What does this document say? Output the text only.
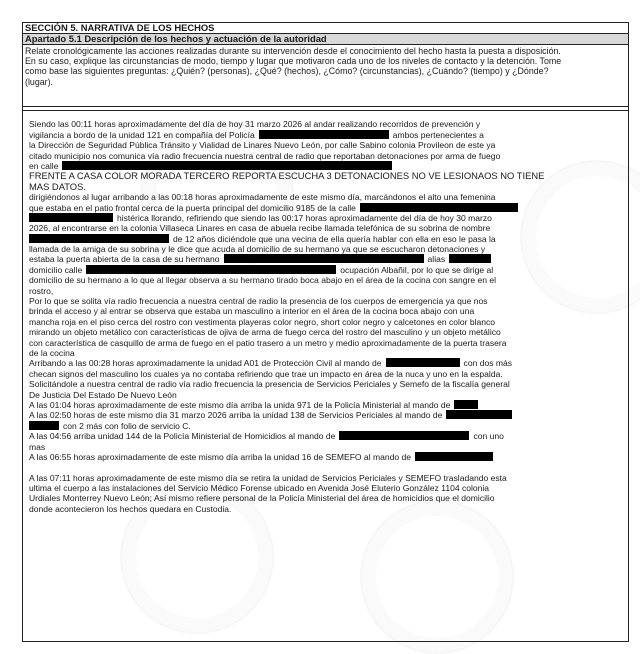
SECCIÓN 5. NARRATIVA DE LOS HECHOS
Apartado 5.1 Descripción de los hechos y actuación de la autoridad
Relate cronológicamente las acciones realizadas durante su intervención desde el conocimiento del hecho hasta la puesta a disposición.
En su caso, explique las circunstancias de modo, tiempo y lugar que motivaron cada uno de los niveles de contacto y la detención. Tome
como base las siguientes preguntas: ¿Quién? (personas), ¿Qué? (hechos), ¿Cómo? (circunstancias), ¿Cuándo? (tiempo) y ¿Dónde?
(lugar).
Siendo las 00:11 horas aproximadamente del día de hoy 31 marzo 2026 al andar realizando recorridos de prevención y
vigilancia a bordo de la unidad 121 en compañía del Policía	ambos pertenecientes a
la Dirección de Seguridad Pública Tránsito y Vialidad de Linares Nuevo León, por calle Sabino colonia Provileon de este ya
citado municipio nos comunica vía radio frecuencia nuestra central de radio que reportaban detonaciones por arma de fuego
en calle
FRENTE A CASA COLOR MORADA TERCERO REPORTA ESCUCHA 3 DETONACIONES NO VE LESIONAOS NO TIENE
MAS DATOS.
dirigiéndonos al lugar arribando a las 00:18 horas aproximadamente de este mismo día, marcándonos el alto una femenina
que estaba en el patio frontal cerca de la puerta principal del domicilio 9185 de la calle
histérica llorando, refiriendo que siendo las 00:17 horas aproximadamente del día de hoy 30 marzo
2026, al encontrarse en la colonia Villaseca Linares en casa de abuela recibe llamada telefónica de su sobrina de nombre
de 12 años diciéndole que una vecina de ella quería hablar con ella en eso le pasa la
llamada de la amiga de su sobrina y le dice que acuda al domicilio de su hermano ya que se escucharon detonaciones y
estaba la puerta abierta de la casa de su hermano	alias
domicilio calle	ocupación Albañil, por lo que se dirige al
domicilio de su hermano a lo que al llegar observa a su hermano tirado boca abajo en el área de la cocina con sangre en el
rostro,
Por lo que se solita vía radio frecuencia a nuestra central de radio la presencia de los cuerpos de emergencia ya que nos
brinda el acceso y al entrar se observa que estaba un masculino a interior en el área de la cocina boca abajo con una
mancha roja en el piso cerca del rostro con vestimenta playeras color negro, short color negro y calcetones en color blanco
mirando un objeto metálico con características de ojiva de arma de fuego cerca del rostro del masculino y un objeto metálico
con característica de casquillo de arma de fuego en el patio trasero a un metro y medio aproximadamente de la puerta trasera
de la cocina
Arribando a las 00:28 horas aproximadamente la unidad A01 de Protección Civil al mando de	con dos más
checan signos del masculino los cuales ya no contaba refiriendo que trae un impacto en área de la nuca y uno en la espalda.
Solicitándole a nuestra central de radio vía radio frecuencia la presencia de Servicios Periciales y Semefo de la fiscalía general
De Justicia Del Estado De Nuevo León
A las 01:04 horas aproximadamente de este mismo día arriba la unida 971 de la Policía Ministerial al mando de
A las 02:50 horas de este mismo día 31 marzo 2026 arriba la unidad 138 de Servicios Periciales al mando de
con 2 más con folio de servicio C.
A las 04:56 arriba unidad 144 de la Policía Ministerial de Homicidios al mando de	con uno
mas
A las 06:55 horas aproximadamente de este mismo día arriba la unidad 16 de SEMEFO al mando de
A las 07:11 horas aproximadamente de este mismo día se retira la unidad de Servicios Periciales y SEMEFO trasladando esta
ultima el cuerpo a las instalaciones del Servicio Médico Forense ubicado en Avenida José Eluterio González 1104 colonia
Urdiales Monterrey Nuevo León; Así mismo refiere personal de la Policía Ministerial del área de homicidios que el domicilio
donde acontecieron los hechos quedara en Custodia.
